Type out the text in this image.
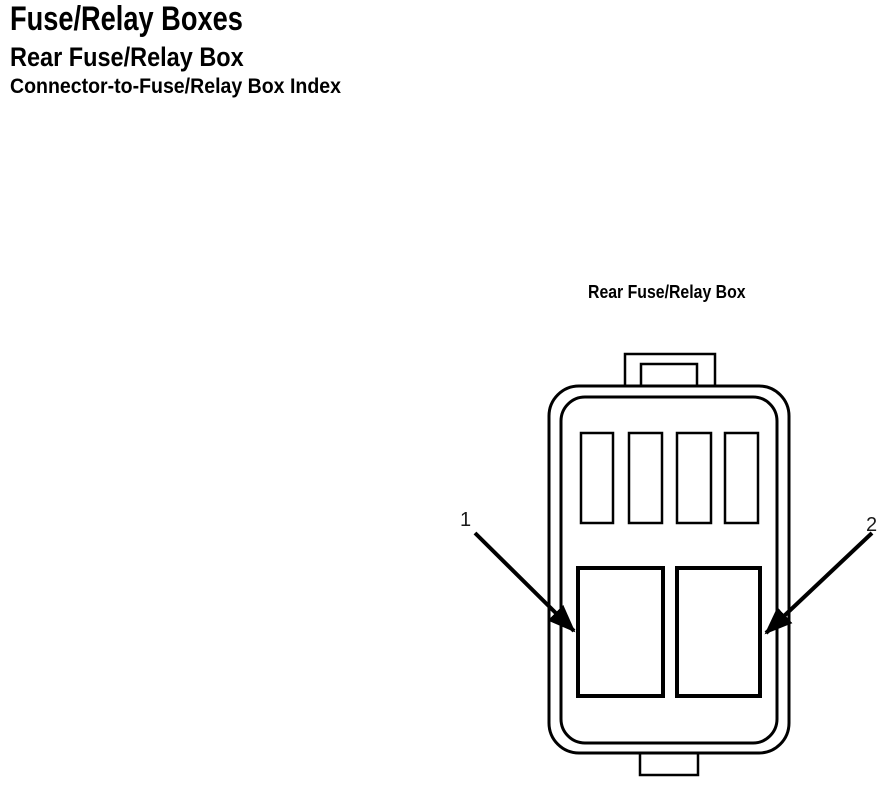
Fuse/Relay Boxes
Rear Fuse/Relay Box
Connector-to-Fuse/Relay Box Index
Rear Fuse/Relay Box
1	2
